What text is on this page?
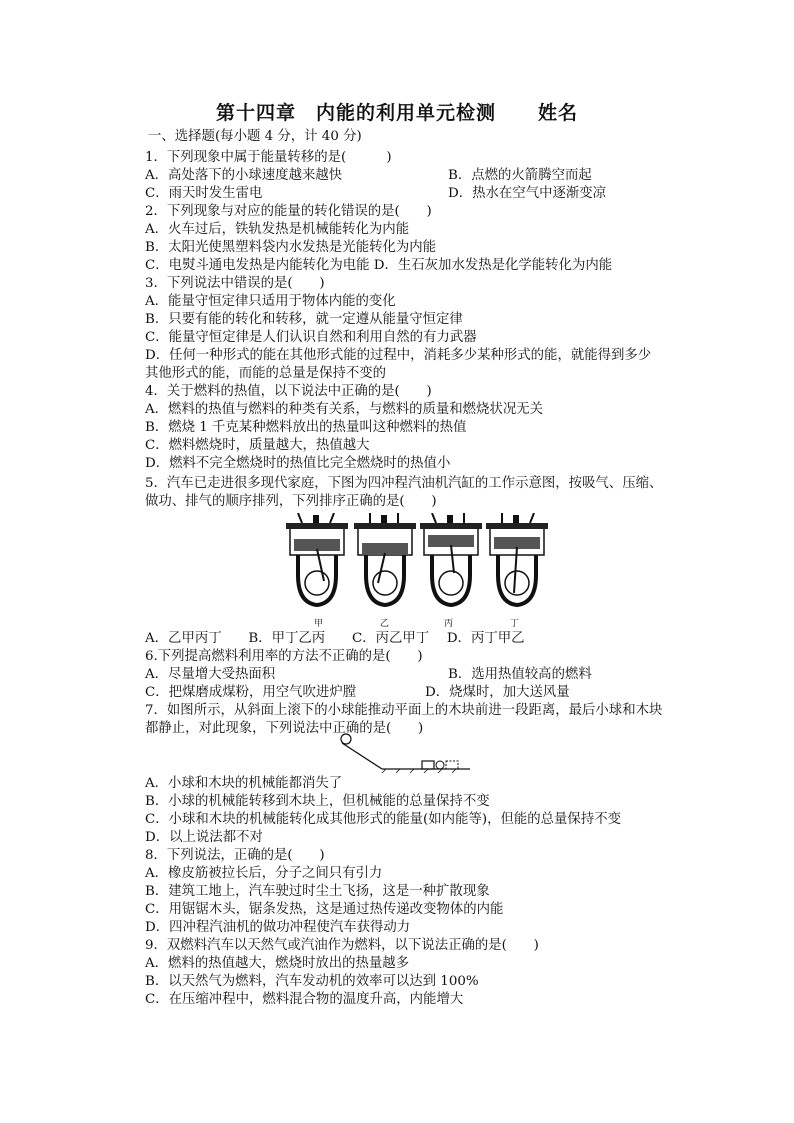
第十四章　内能的利用单元检测 姓名
一、选择题(每小题 4 分，计 40 分)
1．下列现象中属于能量转移的是(　　　)
A．高处落下的小球速度越来越快	B．点燃的火箭腾空而起
C．雨天时发生雷电	D．热水在空气中逐渐变凉
2．下列现象与对应的能量的转化错误的是(　　)
A．火车过后，铁轨发热是机械能转化为内能
B．太阳光使黑塑料袋内水发热是光能转化为内能
C．电熨斗通电发热是内能转化为电能 D．生石灰加水发热是化学能转化为内能
3．下列说法中错误的是(　　)
A．能量守恒定律只适用于物体内能的变化
B．只要有能的转化和转移，就一定遵从能量守恒定律
C．能量守恒定律是人们认识自然和利用自然的有力武器
D．任何一种形式的能在其他形式能的过程中，消耗多少某种形式的能，就能得到多少
其他形式的能，而能的总量是保持不变的
4．关于燃料的热值，以下说法中正确的是(　　)
A．燃料的热值与燃料的种类有关系，与燃料的质量和燃烧状况无关
B．燃烧 1 千克某种燃料放出的热量叫这种燃料的热值
C．燃料燃烧时，质量越大，热值越大
D．燃料不完全燃烧时的热值比完全燃烧时的热值小
5．汽车已走进很多现代家庭，下图为四冲程汽油机汽缸的工作示意图，按吸气、压缩、
做功、排气的顺序排列，下列排序正确的是(　　)
甲	乙	丙	丁
A．乙甲丙丁　　B．甲丁乙丙　　C．丙乙甲丁　 D．丙丁甲乙
6.下列提高燃料利用率的方法不正确的是(　　)
A．尽量增大受热面积	B．选用热值较高的燃料
C．把煤磨成煤粉，用空气吹进炉膛	D．烧煤时，加大送风量
7．如图所示，从斜面上滚下的小球能推动平面上的木块前进一段距离，最后小球和木块
都静止，对此现象，下列说法中正确的是(　　)
A．小球和木块的机械能都消失了
B．小球的机械能转移到木块上，但机械能的总量保持不变
C．小球和木块的机械能转化成其他形式的能量(如内能等)，但能的总量保持不变
D．以上说法都不对
8．下列说法，正确的是(　　)
A．橡皮筋被拉长后，分子之间只有引力
B．建筑工地上，汽车驶过时尘土飞扬，这是一种扩散现象
C．用锯锯木头，锯条发热，这是通过热传递改变物体的内能
D．四冲程汽油机的做功冲程使汽车获得动力
9．双燃料汽车以天然气或汽油作为燃料，以下说法正确的是(　　)
A．燃料的热值越大，燃烧时放出的热量越多
B．以天然气为燃料，汽车发动机的效率可以达到 100%
C．在压缩冲程中，燃料混合物的温度升高，内能增大
